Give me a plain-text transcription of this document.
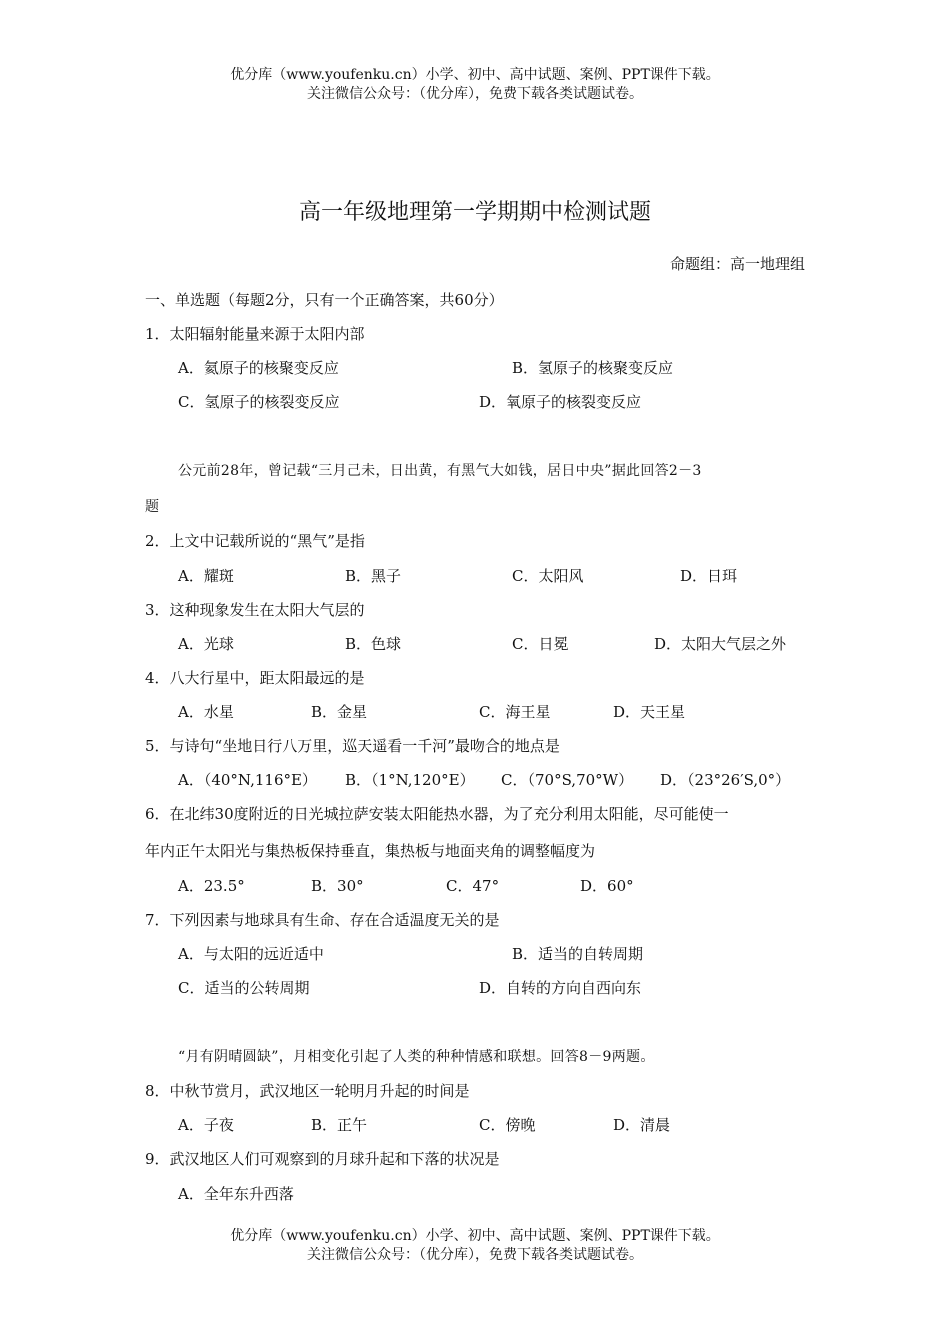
优分库（www.youfenku.cn）小学、初中、高中试题、案例、PPT课件下载。
关注微信公众号：（优分库），免费下载各类试题试卷。
高一年级地理第一学期期中检测试题
命题组：高一地理组
一、单选题（每题2分，只有一个正确答案，共60分）
1．太阳辐射能量来源于太阳内部
A．氦原子的核聚变反应	B．氢原子的核聚变反应
C．氢原子的核裂变反应	D．氧原子的核裂变反应
公元前28年，曾记载“三月己未，日出黄，有黑气大如钱，居日中央”据此回答2－3
题
2．上文中记载所说的“黑气”是指
A．耀斑	B．黑子	C．太阳风	D．日珥
3．这种现象发生在太阳大气层的
A．光球	B．色球	C．日冕	D．太阳大气层之外
4．八大行星中，距太阳最远的是
A．水星	B．金星	C．海王星	D．天王星
5．与诗句“坐地日行八万里，巡天遥看一千河”最吻合的地点是
A．（40°N,116°E） B．（1°N,120°E） C．（70°S,70°W） D．（23°26′S,0°）
6．在北纬30度附近的日光城拉萨安装太阳能热水器，为了充分利用太阳能，尽可能使一
年内正午太阳光与集热板保持垂直，集热板与地面夹角的调整幅度为
A．23.5°	B．30°	C．47°	D．60°
7．下列因素与地球具有生命、存在合适温度无关的是
A．与太阳的远近适中	B．适当的自转周期
C．适当的公转周期	D．自转的方向自西向东
“月有阴晴圆缺”，月相变化引起了人类的种种情感和联想。回答8－9两题。
8．中秋节赏月，武汉地区一轮明月升起的时间是
A．子夜	B．正午	C．傍晚	D．清晨
9．武汉地区人们可观察到的月球升起和下落的状况是
A．全年东升西落
优分库（www.youfenku.cn）小学、初中、高中试题、案例、PPT课件下载。
关注微信公众号：（优分库），免费下载各类试题试卷。
